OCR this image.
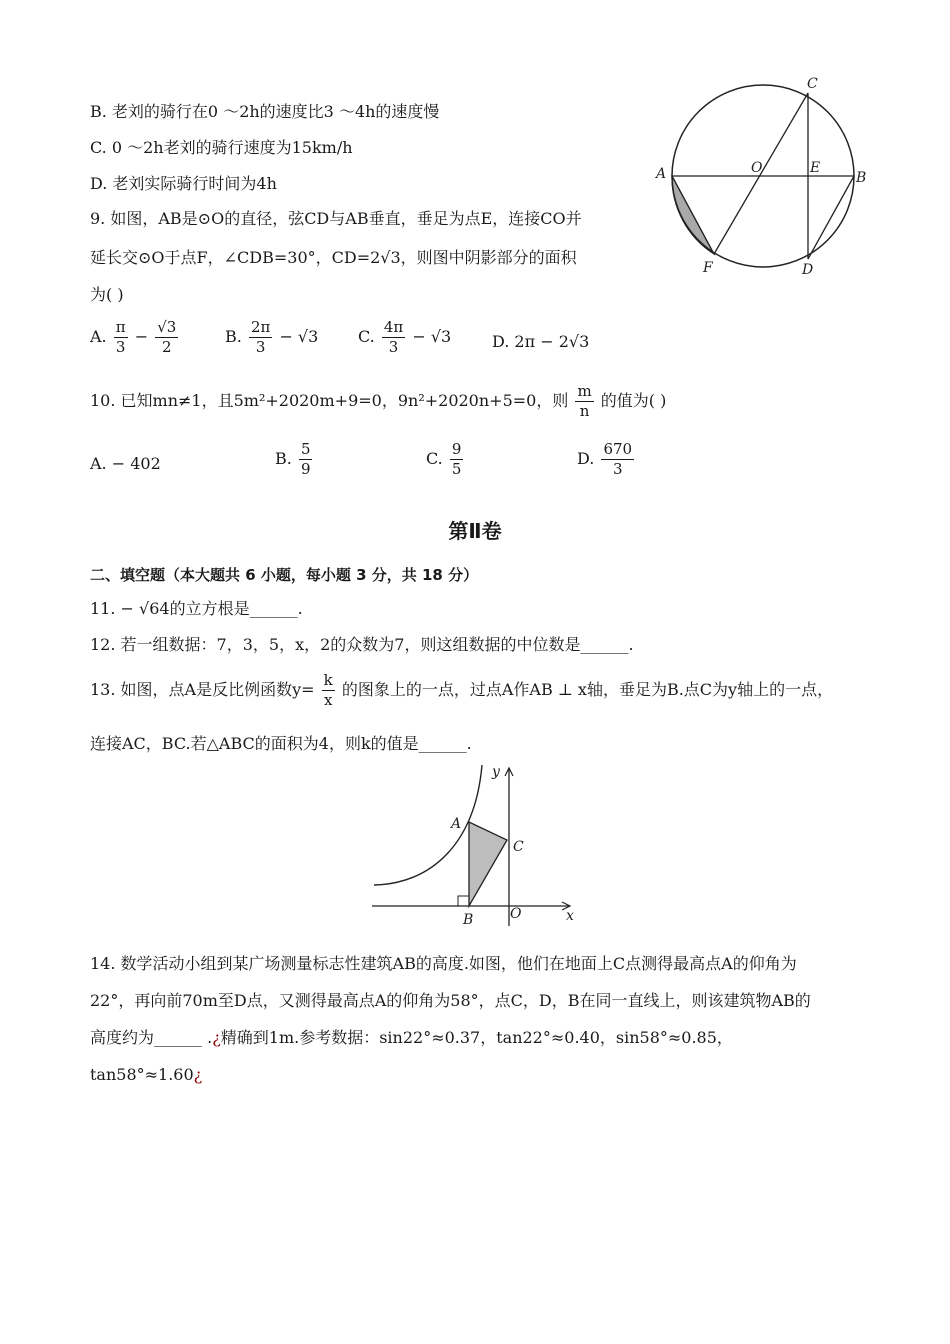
B. 老刘的骑行在0 ～2h的速度比3 ～4h的速度慢
C. 0 ～2h老刘的骑行速度为15km/h
D. 老刘实际骑行时间为4h
9. 如图，AB是⊙O的直径，弦CD与AB垂直，垂足为点E，连接CO并
延长交⊙O于点F，∠CDB=30°，CD=2√3，则图中阴影部分的面积
为( )
A. $\frac{\pi}{3} - \frac{√3}{2}$	B. $\frac{2\pi}{3} - √3$ C. $\frac{4\pi}{3} - √3$	D. 2π − 2√3
A	B
C
D
E
F
O
10. 已知mn≠1，且5m²+2020m+9=0，9n²+2020n+5=0，则 $\frac{m}{n}$ 的值为( )
A. − 402	B. $\frac{5}{9}$	C. $\frac{9}{5}$	D. $\frac{670}{3}$
第Ⅱ卷
二、填空题（本大题共 6 小题，每小题 3 分，共 18 分）
11. − √64的立方根是______.
12. 若一组数据：7，3，5，x，2的众数为7，则这组数据的中位数是______.
13. 如图，点A是反比例函数$y= \frac{k}{x}$ 的图象上的一点，过点A作AB ⊥ x轴，垂足为B.点C为y轴上的一点，
连接AC，BC.若△ABC的面积为4，则k的值是______.
y
A
C
B	O	x
14. 数学活动小组到某广场测量标志性建筑AB的高度.如图，他们在地面上C点测得最高点A的仰角为
22°，再向前70m至D点，又测得最高点A的仰角为58°，点C，D，B在同一直线上，则该建筑物AB的
高度约为______ .¿精确到1m.参考数据：sin22°≈0.37，tan22°≈0.40，sin58°≈0.85，
tan58°≈1.60¿
